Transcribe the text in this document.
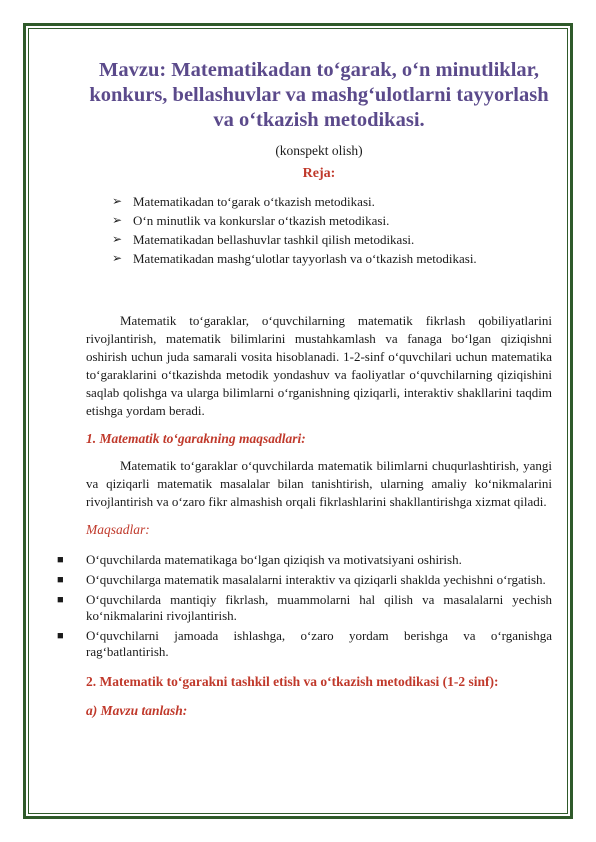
Mavzu: Matematikadan to‘garak, o‘n minutliklar, konkurs, bellashuvlar va mashg‘ulotlarni tayyorlash va o‘tkazish metodikasi.
(konspekt olish)
Reja:
➢ Matematikadan to‘garak o‘tkazish metodikasi.
➢ O‘n minutlik va konkurslar o‘tkazish metodikasi.
➢ Matematikadan bellashuvlar tashkil qilish metodikasi.
➢ Matematikadan mashg‘ulotlar tayyorlash va o‘tkazish metodikasi.

Matematik to‘garaklar, o‘quvchilarning matematik fikrlash qobiliyatlarini rivojlantirish, matematik bilimlarini mustahkamlash va fanaga bo‘lgan qiziqishni oshirish uchun juda samarali vosita hisoblanadi. 1-2-sinf o‘quvchilari uchun matematika to‘garaklarini o‘tkazishda metodik yondashuv va faoliyatlar o‘quvchilarning qiziqishini saqlab qolishga va ularga bilimlarni o‘rganishning qiziqarli, interaktiv shakllarini taqdim etishga yordam beradi.

1. Matematik to‘garakning maqsadlari:

Matematik to‘garaklar o‘quvchilarda matematik bilimlarni chuqurlashtirish, yangi va qiziqarli matematik masalalar bilan tanishtirish, ularning amaliy ko‘nikmalarini rivojlantirish va o‘zaro fikr almashish orqali fikrlashlarini shakllantirishga xizmat qiladi.

Maqsadlar:
■ O‘quvchilarda matematikaga bo‘lgan qiziqish va motivatsiyani oshirish.
■ O‘quvchilarga matematik masalalarni interaktiv va qiziqarli shaklda yechishni o‘rgatish.
■ O‘quvchilarda mantiqiy fikrlash, muammolarni hal qilish va masalalarni yechish ko‘nikmalarini rivojlantirish.
■ O‘quvchilarni jamoada ishlashga, o‘zaro yordam berishga va o‘rganishga rag‘batlantirish.
2. Matematik to‘garakni tashkil etish va o‘tkazish metodikasi (1-2 sinf):
a) Mavzu tanlash:
